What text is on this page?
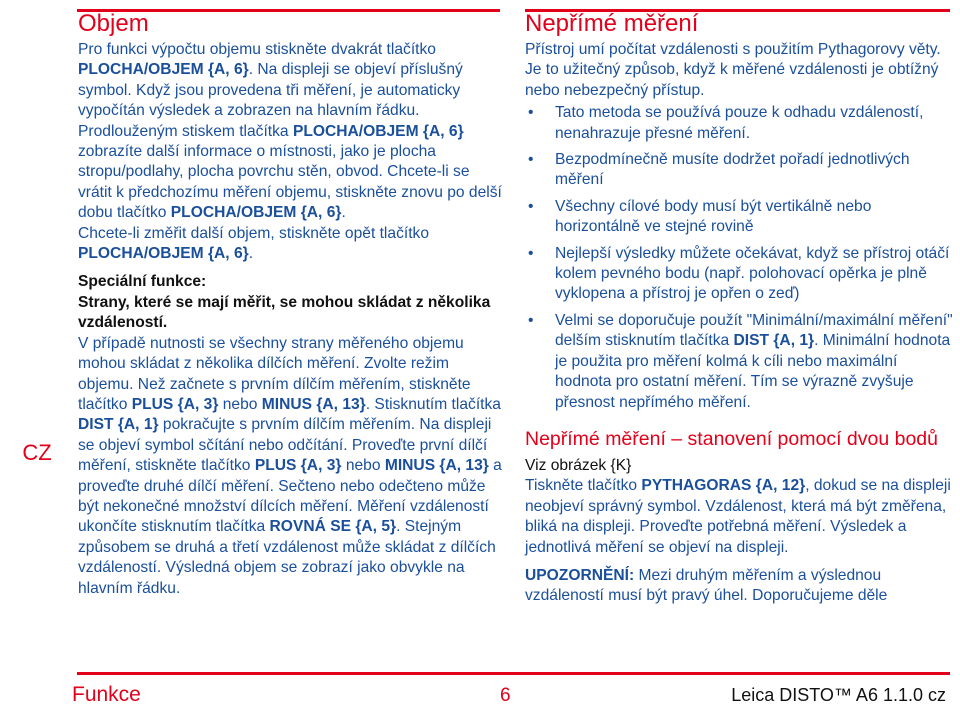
CZ
Objem

Pro funkci výpočtu objemu stiskněte dvakrát tlačítko PLOCHA/OBJEM {A, 6}. Na displeji se objeví příslušný symbol. Když jsou provedena tři měření, je automaticky vypočítán výsledek a zobrazen na hlavním řádku. Prodlouženým stiskem tlačítka PLOCHA/OBJEM {A, 6} zobrazíte další informace o místnosti, jako je plocha stropu/podlahy, plocha povrchu stěn, obvod. Chcete-li se vrátit k předchozímu měření objemu, stiskněte znovu po delší dobu tlačítko PLOCHA/OBJEM {A, 6}.

Chcete-li změřit další objem, stiskněte opět tlačítko PLOCHA/OBJEM {A, 6}.

Speciální funkce:

Strany, které se mají měřit, se mohou skládat z několika vzdáleností.

V případě nutnosti se všechny strany měřeného objemu mohou skládat z několika dílčích měření. Zvolte režim objemu. Než začnete s prvním dílčím měřením, stiskněte tlačítko PLUS {A, 3} nebo MINUS {A, 13}. Stisknutím tlačítka DIST {A, 1} pokračujte s prvním dílčím měřením. Na displeji se objeví symbol sčítání nebo odčítání. Proveďte první dílčí měření, stiskněte tlačítko PLUS {A, 3} nebo MINUS {A, 13} a proveďte druhé dílčí měření. Sečteno nebo odečteno může být nekonečné množství dílcích měření. Měření vzdáleností ukončíte stisknutím tlačítka ROVNÁ SE {A, 5}. Stejným způsobem se druhá a třetí vzdálenost může skládat z dílčích vzdáleností. Výsledná objem se zobrazí jako obvykle na hlavním řádku.

Nepřímé měření

Přístroj umí počítat vzdálenosti s použitím Pythagorovy věty. Je to užitečný způsob, když k měřené vzdálenosti je obtížný nebo nebezpečný přístup.

• Tato metoda se používá pouze k odhadu vzdáleností, nenahrazuje přesné měření.
• Bezpodmínečně musíte dodržet pořadí jednotlivých měření
• Všechny cílové body musí být vertikálně nebo horizontálně ve stejné rovině
• Nejlepší výsledky můžete očekávat, když se přístroj otáčí kolem pevného bodu (např. polohovací opěrka je plně vyklopena a přístroj je opřen o zeď)
• Velmi se doporučuje použít "Minimální/maximální měření" delším stisknutím tlačítka DIST {A, 1}. Minimální hodnota je použita pro měření kolmá k cíli nebo maximální hodnota pro ostatní měření. Tím se výrazně zvyšuje přesnost nepřímého měření.
Nepřímé měření – stanovení pomocí dvou bodů

Viz obrázek {K}

Tiskněte tlačítko PYTHAGORAS {A, 12}, dokud se na displeji neobjeví správný symbol. Vzdálenost, která má být změřena, bliká na displeji. Proveďte potřebná měření. Výsledek a jednotlivá měření se objeví na displeji.

UPOZORNĚNÍ: Mezi druhým měřením a výslednou vzdáleností musí být pravý úhel. Doporučujeme děle

Funkce	6	Leica DISTO™ A6 1.1.0 cz
